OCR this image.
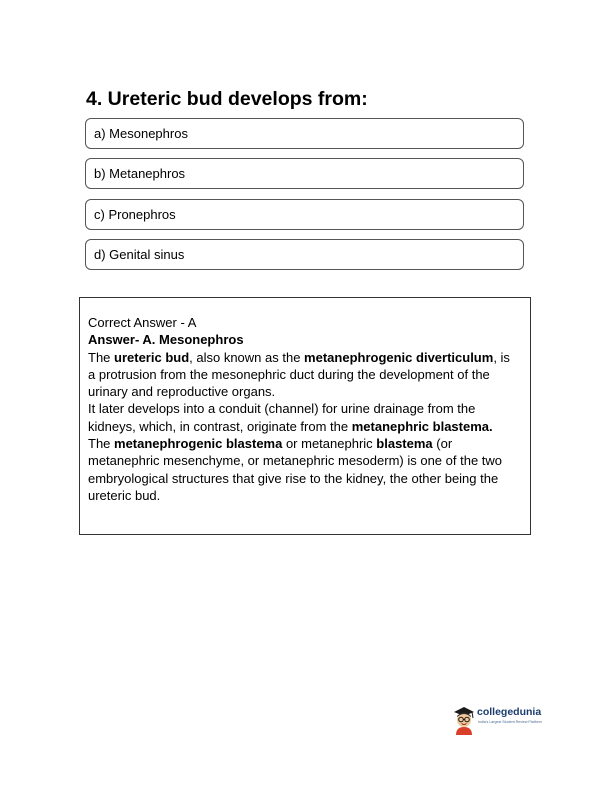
4. Ureteric bud develops from:
a) Mesonephros
b) Metanephros
c) Pronephros
d) Genital sinus

Correct Answer - A

Answer- A. Mesonephros

The ureteric bud, also known as the metanephrogenic diverticulum, is a protrusion from the mesonephric duct during the development of the urinary and reproductive organs.

It later develops into a conduit (channel) for urine drainage from the kidneys, which, in contrast, originate from the metanephric blastema.

The metanephrogenic blastema or metanephric blastema (or metanephric mesenchyme, or metanephric mesoderm) is one of the two embryological structures that give rise to the kidney, the other being the ureteric bud.

collegedunia
India's Largest Student Review Platform
